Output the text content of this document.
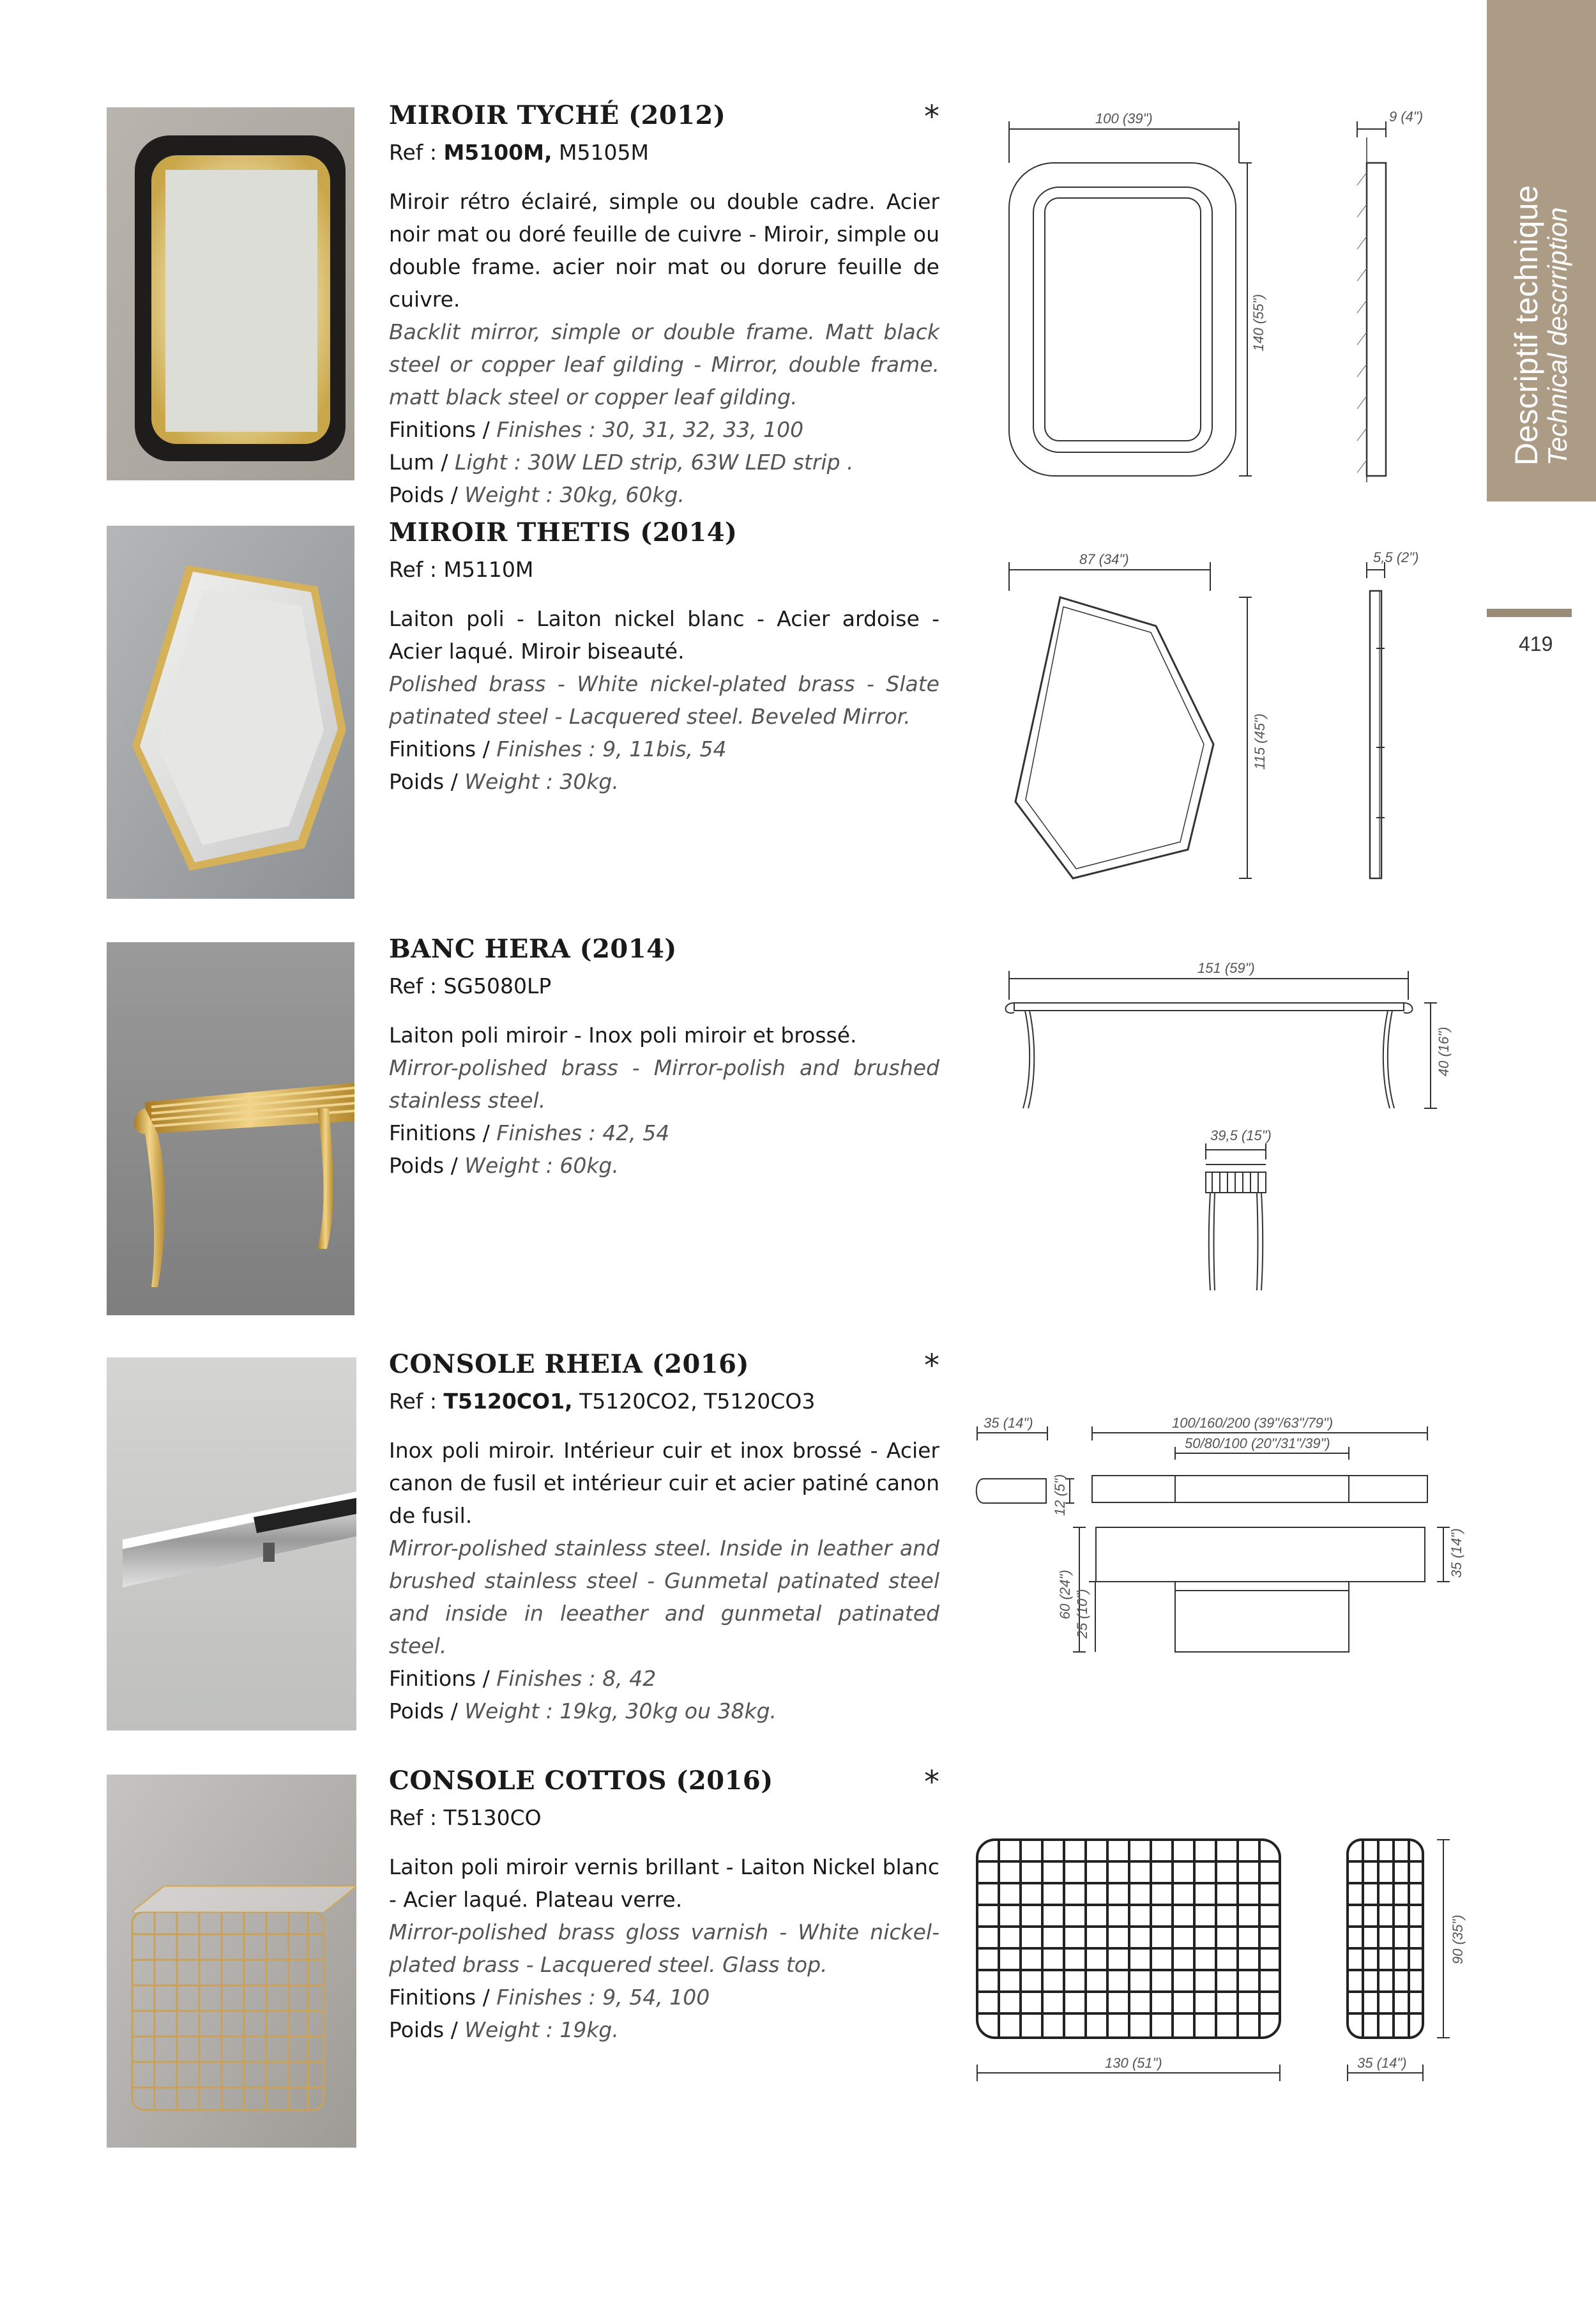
Descriptif technique
Technical descrription
419
MIROIR TYCHÉ (2012)
Ref : M5100M, M5105M
Miroir rétro éclairé, simple ou double cadre. Acier noir mat ou doré feuille de cuivre - Miroir, simple ou double frame. acier noir mat ou dorure feuille de cuivre.
Backlit mirror, simple or double frame. Matt black steel or copper leaf gilding - Mirror, double frame. matt black steel or copper leaf gilding.
Finitions / Finishes : 30, 31, 32, 33, 100
Lum / Light : 30W LED strip, 63W LED strip .
Poids / Weight : 30kg, 60kg.
*	100 (39")
140 (55")
9 (4")
MIROIR THETIS (2014)
Ref : M5110M
Laiton poli - Laiton nickel blanc - Acier ardoise - Acier laqué. Miroir biseauté.
Polished brass - White nickel-plated brass - Slate patinated steel - Lacquered steel. Beveled Mirror.
Finitions / Finishes : 9, 11bis, 54
Poids / Weight : 30kg.
87 (34")
115 (45")
5,5 (2")
BANC HERA (2014)
Ref : SG5080LP
Laiton poli miroir - Inox poli miroir et brossé.
Mirror-polished brass - Mirror-polish and brushed stainless steel.
Finitions / Finishes : 42, 54
Poids / Weight : 60kg.
151 (59")
40 (16")
39,5 (15")
CONSOLE RHEIA (2016)
Ref : T5120CO1, T5120CO2, T5120CO3
Inox poli miroir. Intérieur cuir et inox brossé - Acier canon de fusil et intérieur cuir et acier patiné canon de fusil.
Mirror-polished stainless steel. Inside in leather and brushed stainless steel - Gunmetal patinated steel and inside in leeather and gunmetal patinated steel.
Finitions / Finishes : 8, 42
Poids / Weight : 19kg, 30kg ou 38kg.
*
35 (14")	100/160/200 (39"/63"/79")
50/80/100 (20"/31"/39")
12 (5")
35 (14")
60 (24") 25 (10")
CONSOLE COTTOS (2016)
Ref : T5130CO
Laiton poli miroir vernis brillant - Laiton Nickel blanc - Acier laqué. Plateau verre.
Mirror-polished brass gloss varnish - White nickel-plated brass - Lacquered steel. Glass top.
Finitions / Finishes : 9, 54, 100
Poids / Weight : 19kg.
*
130 (51")	35 (14")
90 (35")
